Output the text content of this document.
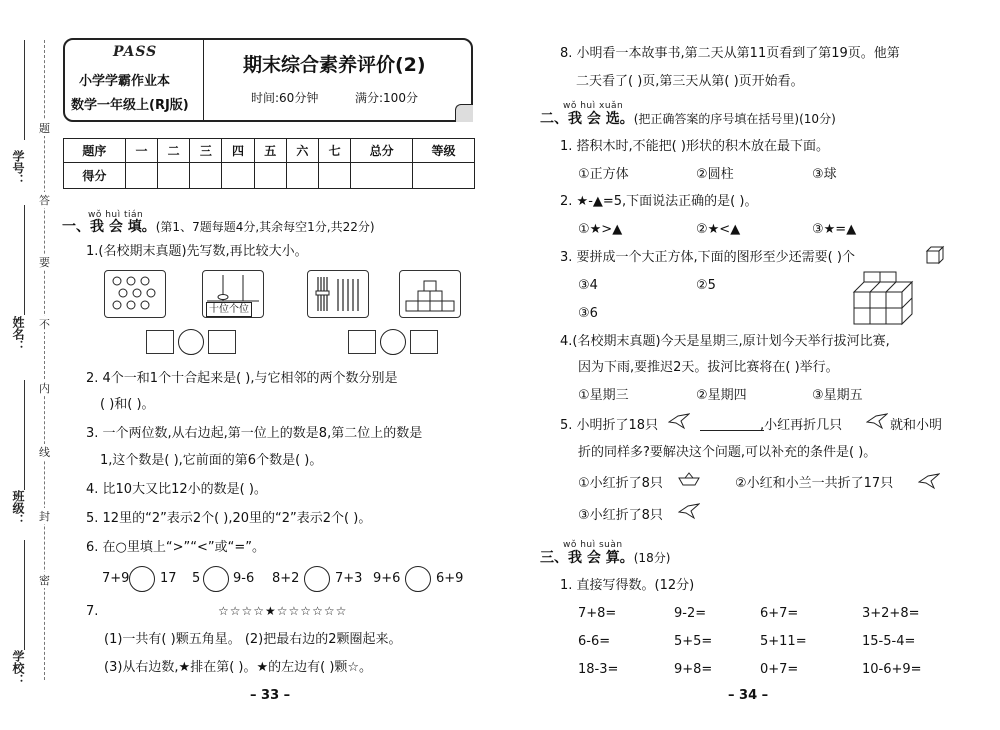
学号：
姓名：
班级：
学校：
题
答
要
不
内
线
封
密
PASS
小学学霸作业本
数学一年级上(RJ版)
期末综合素养评价(2)
时间:60分钟	满分:100分
题序	一	二	三	四	五	六	七	总分	等级
得分									
wǒ huì tián
一、我 会 填。(第1、7题每题4分,其余每空1分,共22分)
1.(名校期末真题)先写数,再比较大小。
十位个位
2. 4个一和1个十合起来是( ),与它相邻的两个数分别是
( )和( )。
3. 一个两位数,从右边起,第一位上的数是8,第二位上的数是
1,这个数是( ),它前面的第6个数是( )。
4. 比10大又比12小的数是( )。
5. 12里的“2”表示2个( ),20里的“2”表示2个( )。
6. 在○里填上“>”“<”或“=”。
7+9 17 5	9-6 8+2	7+3 9+6	6+9
7.	☆☆☆☆★☆☆☆☆☆☆
(1)一共有( )颗五角星。 (2)把最右边的2颗圈起来。
(3)从右边数,★排在第( )。★的左边有( )颗☆。
– 33 –
8. 小明看一本故事书,第二天从第11页看到了第19页。他第
二天看了( )页,第三天从第( )页开始看。
wǒ huì xuǎn
二、我 会 选。(把正确答案的序号填在括号里)(10分)
1. 搭积木时,不能把( )形状的积木放在最下面。
①正方体	②圆柱	③球
2. ★-▲=5,下面说法正确的是( )。
①★>▲	②★<▲	③★=▲
3. 要拼成一个大正方体,下面的图形至少还需要( )个
③4	②5
③6
4.(名校期末真题)今天是星期三,原计划今天举行拔河比赛,
因为下雨,要推迟2天。拔河比赛将在( )举行。
①星期三	②星期四	③星期五
5. 小明折了18只	,小红再折几只	就和小明
折的同样多?要解决这个问题,可以补充的条件是( )。
①小红折了8只	②小红和小兰一共折了17只
③小红折了8只
wǒ huì suàn
三、我 会 算。(18分)
1. 直接写得数。(12分)
7+8=	9-2=	6+7=	3+2+8=
6-6=	5+5=	5+11=	15-5-4=
18-3=	9+8=	0+7=	10-6+9=
– 34 –
